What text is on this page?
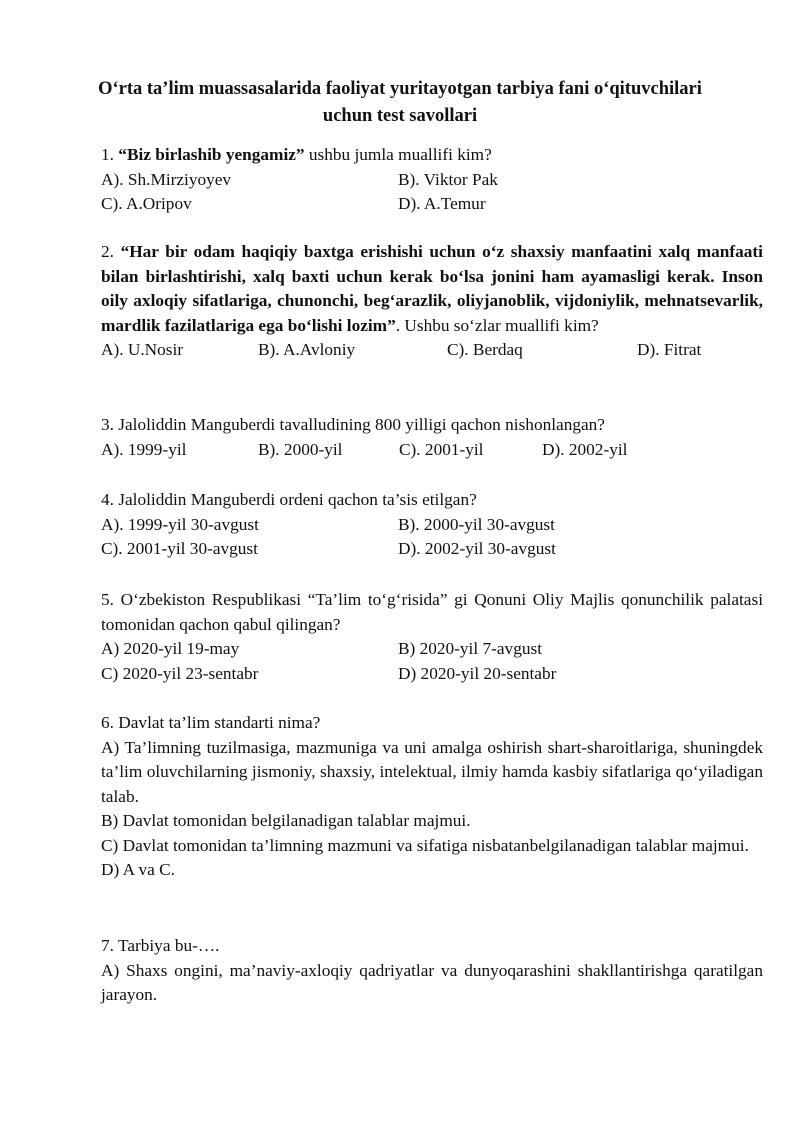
O‘rta ta’lim muassasalarida faoliyat yuritayotgan tarbiya fani o‘qituvchilari
uchun test savollari
1. “Biz birlashib yengamiz” ushbu jumla muallifi kim?
A). Sh.Mirziyoyev	B). Viktor Pak
C). A.Oripov	D). A.Temur
2. “Har bir odam haqiqiy baxtga erishishi uchun o‘z shaxsiy manfaatini xalq manfaati bilan birlashtirishi, xalq baxti uchun kerak bo‘lsa jonini ham ayamasligi kerak. Inson oily axloqiy sifatlariga, chunonchi, beg‘arazlik, oliyjanoblik, vijdoniylik, mehnatsevarlik, mardlik fazilatlariga ega bo‘lishi lozim”. Ushbu so‘zlar muallifi kim?
A). U.Nosir	B). A.Avloniy	C). Berdaq	D). Fitrat
3. Jaloliddin Manguberdi tavalludining 800 yilligi qachon nishonlangan?
A). 1999-yil	B). 2000-yil	C). 2001-yil	D). 2002-yil
4. Jaloliddin Manguberdi ordeni qachon ta’sis etilgan?
A). 1999-yil 30-avgust	B). 2000-yil 30-avgust
C). 2001-yil 30-avgust	D). 2002-yil 30-avgust
5. O‘zbekiston Respublikasi “Ta’lim to‘g‘risida” gi Qonuni Oliy Majlis qonunchilik palatasi tomonidan qachon qabul qilingan?
A) 2020-yil 19-may	B) 2020-yil 7-avgust
C) 2020-yil 23-sentabr	D) 2020-yil 20-sentabr
6. Davlat ta’lim standarti nima?
A) Ta’limning tuzilmasiga, mazmuniga va uni amalga oshirish shart-sharoitlariga, shuningdek ta’lim oluvchilarning jismoniy, shaxsiy, intelektual, ilmiy hamda kasbiy sifatlariga qo‘yiladigan talab.
B) Davlat tomonidan belgilanadigan talablar majmui.
C) Davlat tomonidan ta’limning mazmuni va sifatiga nisbatanbelgilanadigan talablar majmui.
D) A va C.
7. Tarbiya bu-….
A) Shaxs ongini, ma’naviy-axloqiy qadriyatlar va dunyoqarashini shakllantirishga qaratilgan jarayon.
